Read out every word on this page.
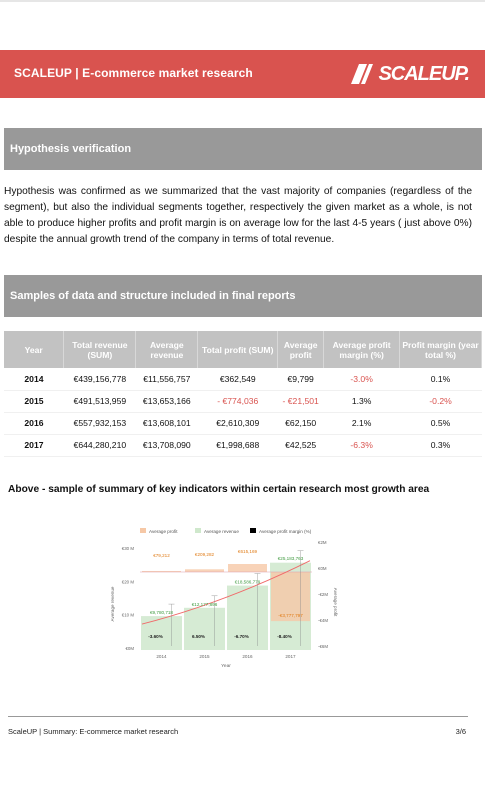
SCALEUP | E-commerce market research	SCALEUP.
Hypothesis verification

Hypothesis was confirmed as we summarized that the vast majority of companies (regardless of the segment), but also the individual segments together, respectively the given market as a whole, is not able to produce higher profits and profit margin is on average low for the last 4-5 years ( just above 0%) despite the annual growth trend of the company in terms of total revenue.

Samples of data and structure included in final reports
Year	Total revenue (SUM)	Average revenue	Total profit (SUM)	Average profit	Average profit margin (%)	Profit margin (year total %)
2014	€439,156,778	€11,556,757	€362,549	€9,799	-3.0%	0.1%
2015	€491,513,959	€13,653,166	- €774,036	- €21,501	1.3%	-0.2%
2016	€557,932,153	€13,608,101	€2,610,309	€62,150	2.1%	0.5%
2017	€644,280,210	€13,708,090	€1,998,688	€42,525	-6.3%	0.3%
Above - sample of summary of key indicators within certain research most growth area
Average profit	Average revenue	Average profit margin (%)
2014	2015	2016	2017
-3.60%	6.50%	-6.70%	-8.40%
€79,212	€209,282
€615,169
-€3,777,797
€9,780,718
€12,177,896
€18,586,779
€25,183,763
€30 M
€20 M
€10 M
€0M
Average revenue
€2M
€0M
-€2M
-€4M
-€6M
Average profit
Year
ScaleUP | Summary: E-commerce market research	3/6
